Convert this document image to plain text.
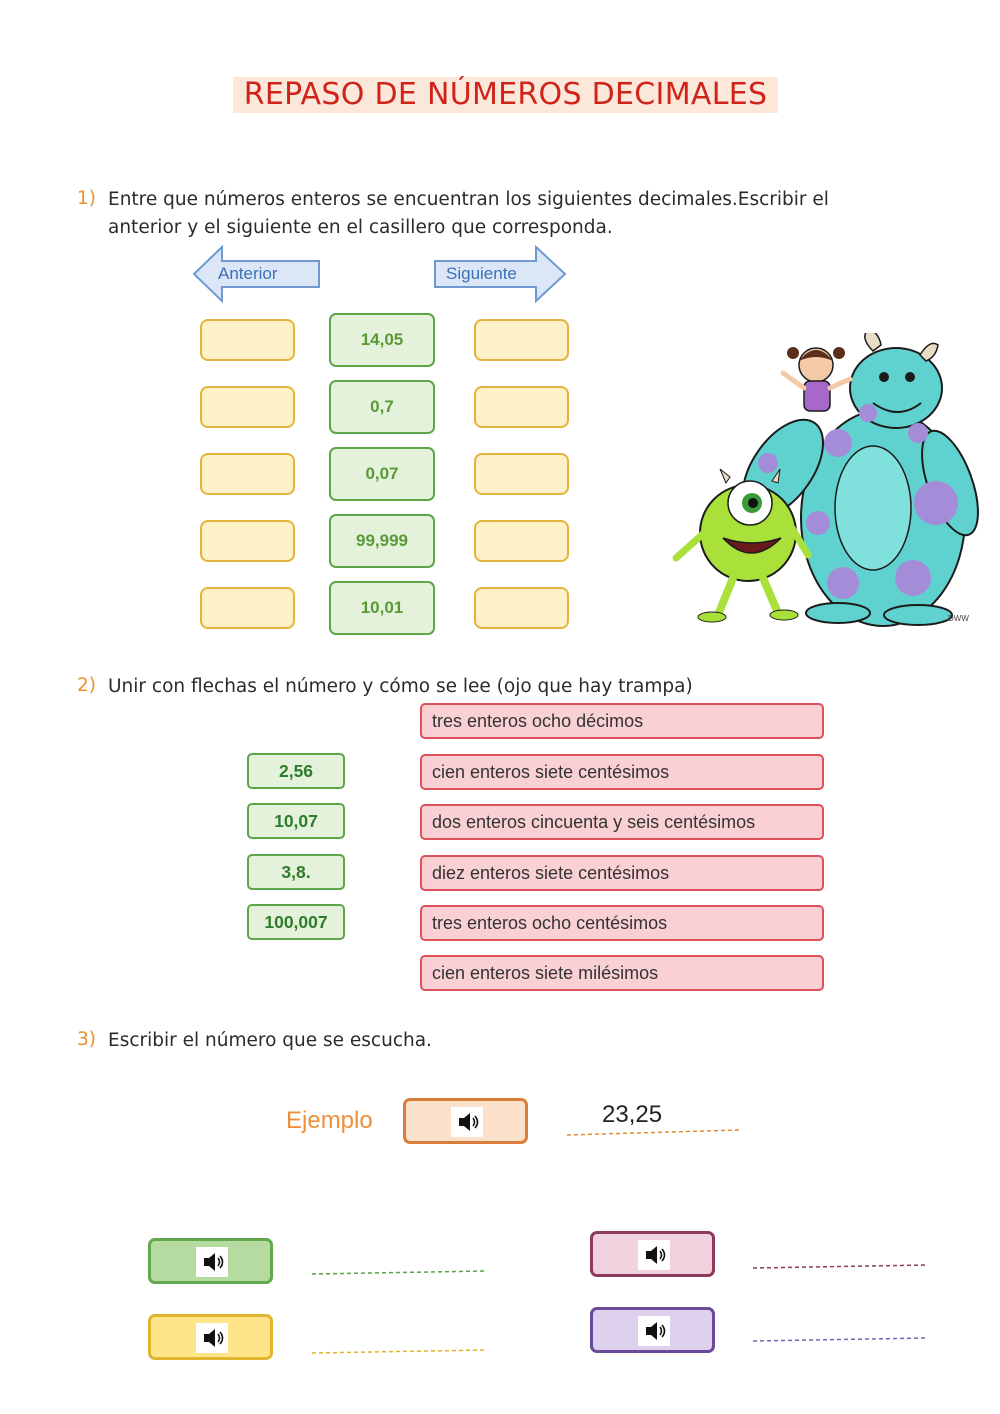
REPASO DE NÚMEROS DECIMALES
1) Entre que números enteros se encuentran los siguientes decimales.Escribir el
anterior y el siguiente en el casillero que corresponda.
Anterior	Siguiente
14,05
0,7
0,07
99,999
10,01
DWW
2) Unir con flechas el número y cómo se lee (ojo que hay trampa)
2,56
10,07
3,8.
100,007
tres enteros ocho décimos
cien enteros siete centésimos
dos enteros cincuenta y seis centésimos
diez enteros siete centésimos
tres enteros ocho centésimos
cien enteros siete milésimos
3) Escribir el número que se escucha.
Ejemplo	23,25
